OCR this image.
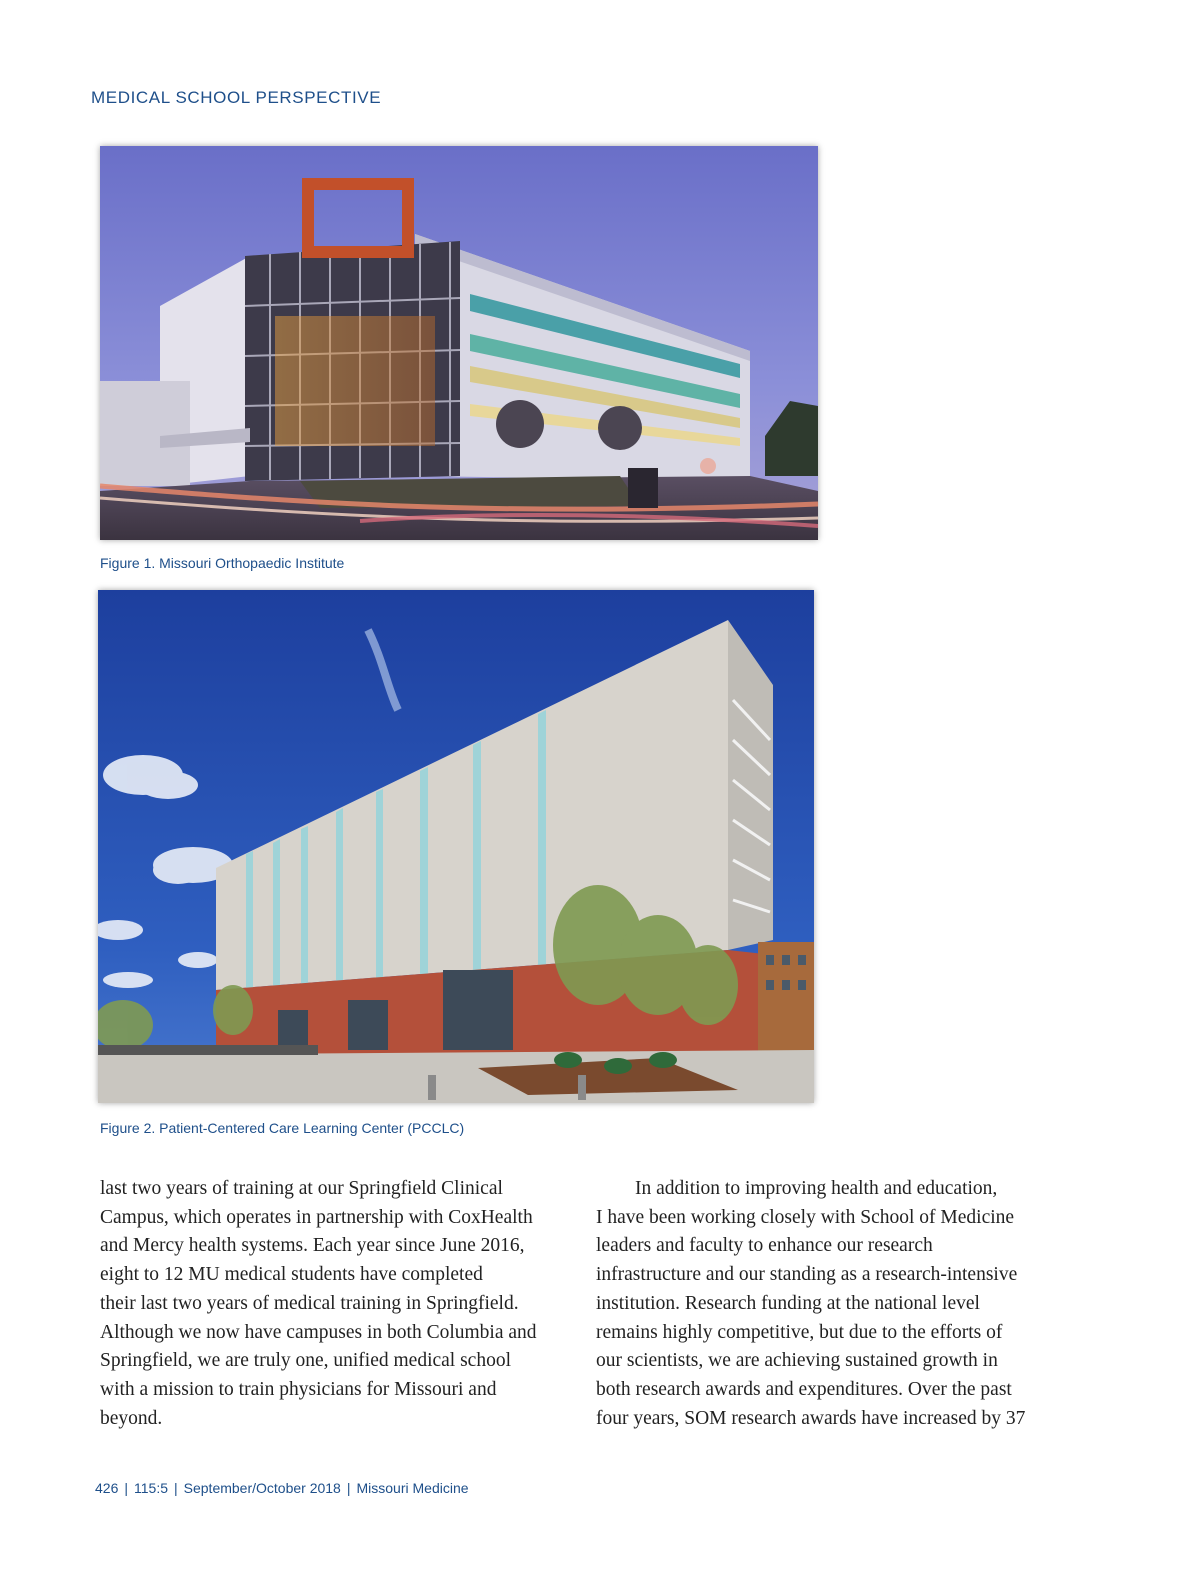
MEDICAL SCHOOL PERSPECTIVE
Figure 1. Missouri Orthopaedic Institute
Figure 2. Patient-Centered Care Learning Center (PCCLC)
last two years of training at our Springfield Clinical
Campus, which operates in partnership with CoxHealth
and Mercy health systems. Each year since June 2016,
eight to 12 MU medical students have completed
their last two years of medical training in Springfield.
Although we now have campuses in both Columbia and
Springfield, we are truly one, unified medical school
with a mission to train physicians for Missouri and
beyond.
  In addition to improving health and education,
I have been working closely with School of Medicine
leaders and faculty to enhance our research
infrastructure and our standing as a research-intensive
institution. Research funding at the national level
remains highly competitive, but due to the efforts of
our scientists, we are achieving sustained growth in
both research awards and expenditures. Over the past
four years, SOM research awards have increased by 37
426 | 115:5 | September/October 2018 | Missouri Medicine
